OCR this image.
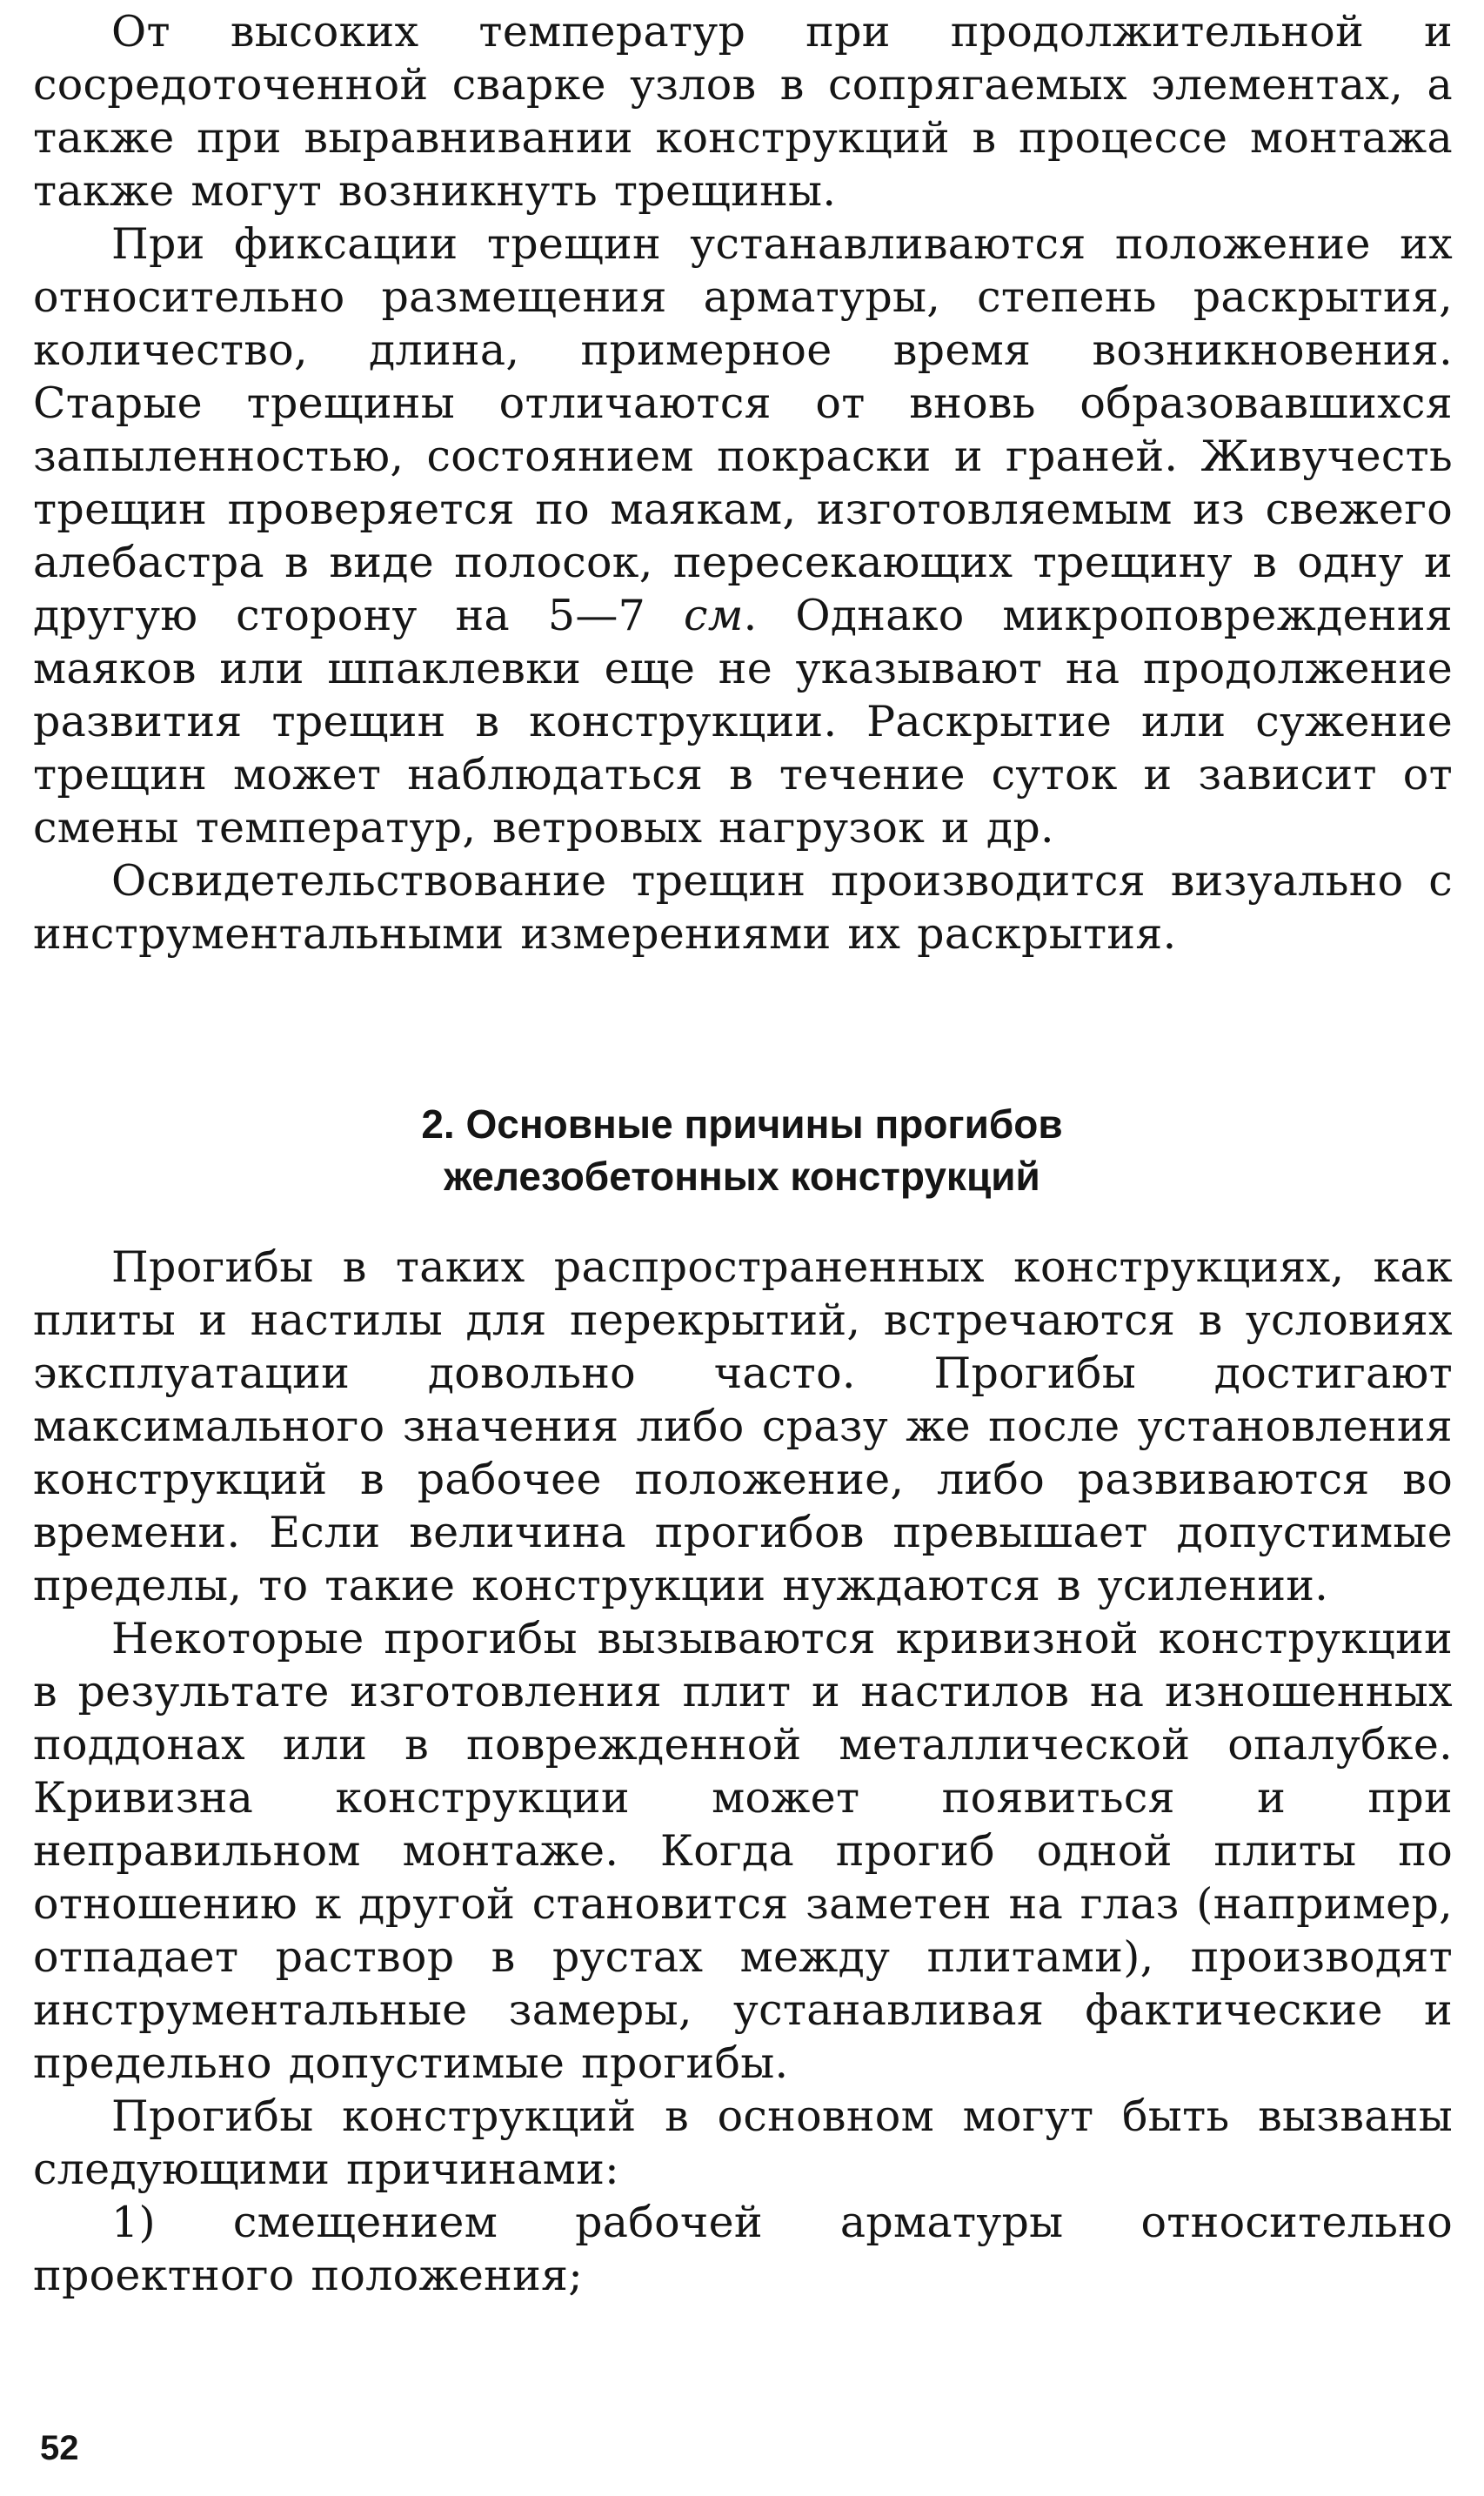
От высоких температур при продолжительной и сосредоточенной сварке узлов в сопрягаемых элементах, а также при выравнивании конструкций в процессе монтажа также могут возникнуть трещины.

При фиксации трещин устанавливаются положение их относительно размещения арматуры, степень раскрытия, количество, длина, примерное время возникновения. Старые трещины отличаются от вновь образовавшихся запыленностью, состоянием покраски и граней. Живучесть трещин проверяется по маякам, изготовляемым из свежего алебастра в виде полосок, пересекающих трещину в одну и другую сторону на 5—7 см. Однако микроповреждения маяков или шпаклевки еще не указывают на продолжение развития трещин в конструкции. Раскрытие или сужение трещин может наблюдаться в течение суток и зависит от смены температур, ветровых нагрузок и др.

Освидетельствование трещин производится визуально с инструментальными измерениями их раскрытия.

2. Основные причины прогибов
железобетонных конструкций

Прогибы в таких распространенных конструкциях, как плиты и настилы для перекрытий, встречаются в условиях эксплуатации довольно часто. Прогибы достигают максимального значения либо сразу же после установления конструкций в рабочее положение, либо развиваются во времени. Если величина прогибов превышает допустимые пределы, то такие конструкции нуждаются в усилении.

Некоторые прогибы вызываются кривизной конструкции в результате изготовления плит и настилов на изношенных поддонах или в поврежденной металлической опалубке. Кривизна конструкции может появиться и при неправильном монтаже. Когда прогиб одной плиты по отношению к другой становится заметен на глаз (например, отпадает раствор в рустах между плитами), производят инструментальные замеры, устанавливая фактические и предельно допустимые прогибы.

Прогибы конструкций в основном могут быть вызваны следующими причинами:

1) смещением рабочей арматуры относительно проектного положения;

52
